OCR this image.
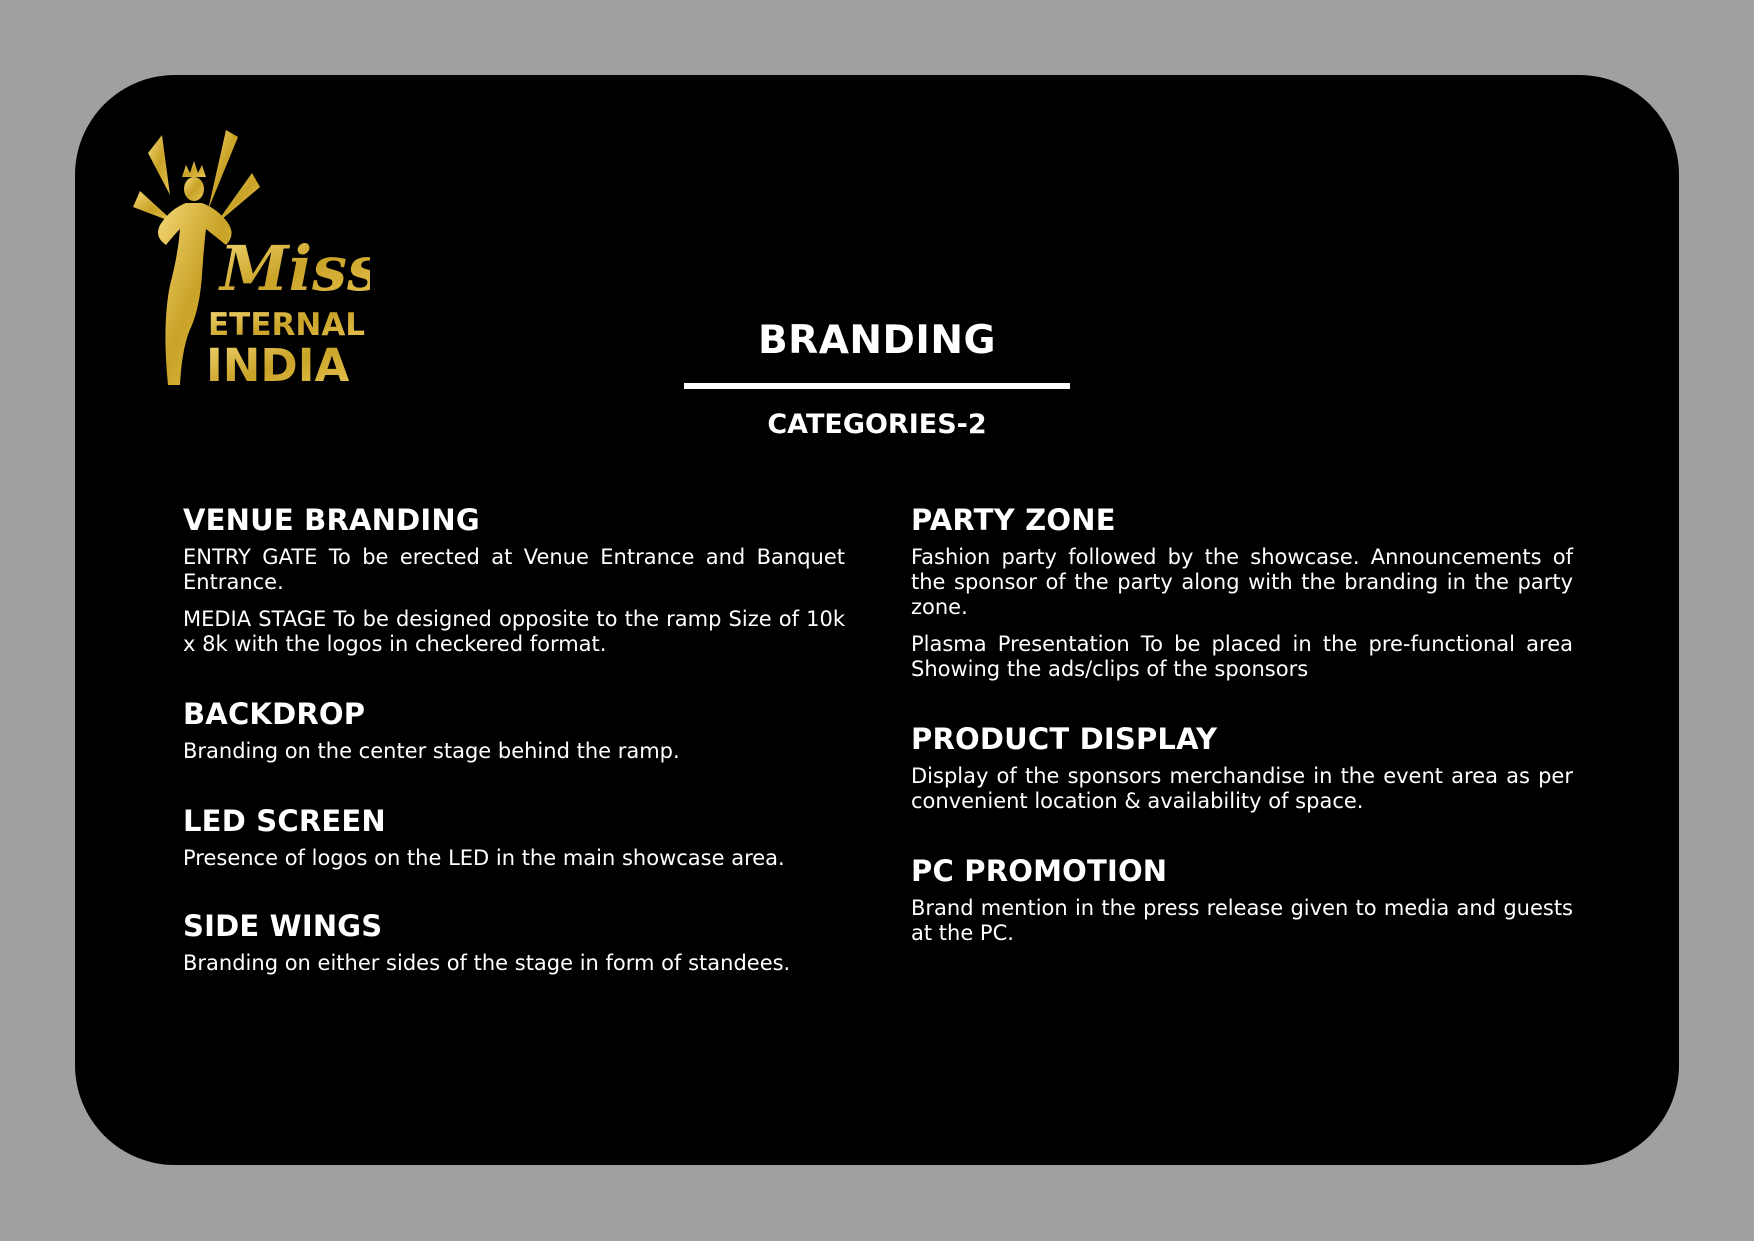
Miss
ETERNAL
INDIA	BRANDING
CATEGORIES-2
VENUE BRANDING

ENTRY GATE To be erected at Venue Entrance and Banquet Entrance.

MEDIA STAGE To be designed opposite to the ramp Size of 10k x 8k with the logos in checkered format.

BACKDROP

Branding on the center stage behind the ramp.

LED SCREEN

Presence of logos on the LED in the main showcase area.

SIDE WINGS

Branding on either sides of the stage in form of standees.

PARTY ZONE

Fashion party followed by the showcase. Announcements of the sponsor of the party along with the branding in the party zone.

Plasma Presentation To be placed in the pre-functional area Showing the ads/clips of the sponsors

PRODUCT DISPLAY

Display of the sponsors merchandise in the event area as per convenient location & availability of space.

PC PROMOTION

Brand mention in the press release given to media and guests at the PC.
